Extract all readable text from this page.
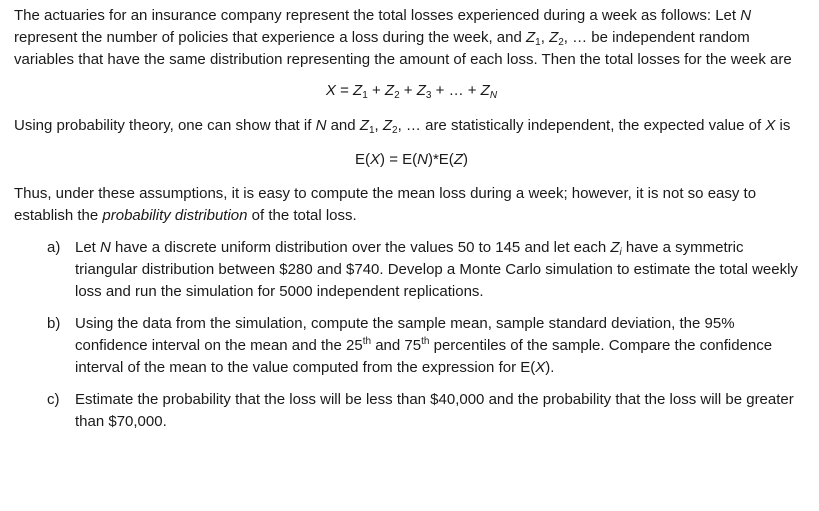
The actuaries for an insurance company represent the total losses experienced during a week as follows: Let N represent the number of policies that experience a loss during the week, and $Z_1$, $Z_2$, … be independent random variables that have the same distribution representing the amount of each loss. Then the total losses for the week are

$X = Z_1 + Z_2 + Z_3$ + … + $Z_N$

Using probability theory, one can show that if N and $Z_1$, $Z_2$, … are statistically independent, the expected value of X is

E(X) = E(N)*E(Z)

Thus, under these assumptions, it is easy to compute the mean loss during a week; however, it is not so easy to establish the probability distribution of the total loss.

a) Let N have a discrete uniform distribution over the values 50 to 145 and let each $Z_i$ have a symmetric triangular distribution between $280 and $740. Develop a Monte Carlo simulation to estimate the total weekly loss and run the simulation for 5000 independent replications.
b) Using the data from the simulation, compute the sample mean, sample standard deviation, the 95% confidence interval on the mean and the 25th and 75th percentiles of the sample. Compare the confidence interval of the mean to the value computed from the expression for E(X).
c)	Estimate the probability that the loss will be less than $40,000 and the probability that the loss will be greater than $70,000.
